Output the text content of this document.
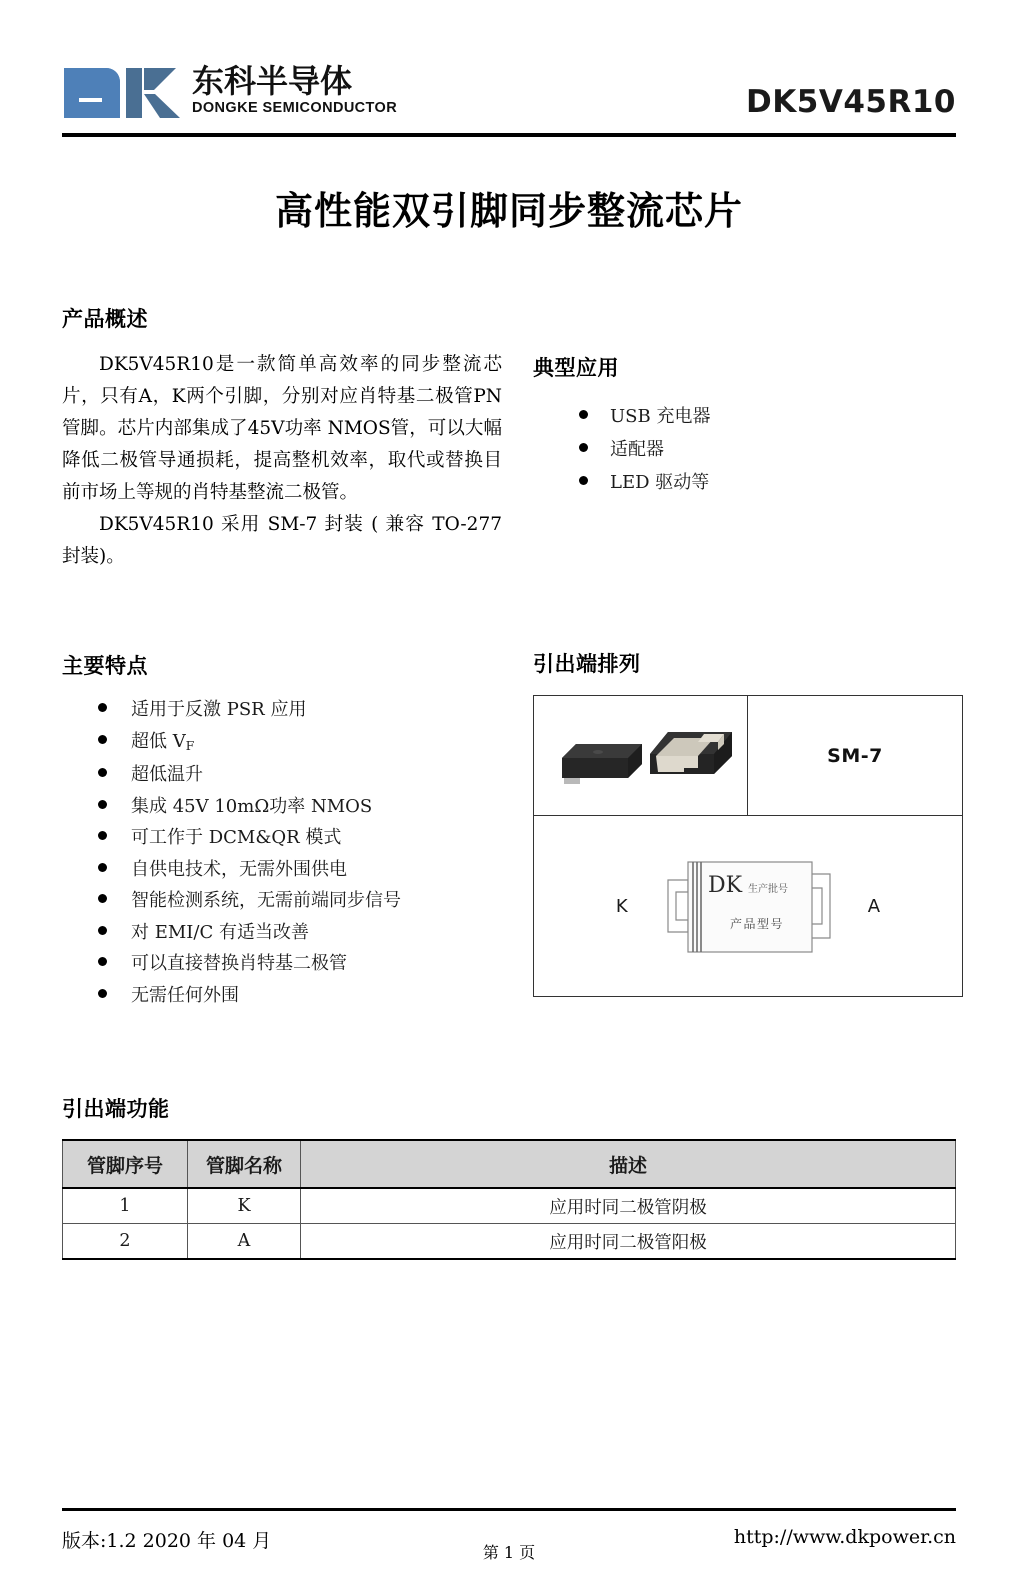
东科半导体
DONGKE SEMICONDUCTOR	DK5V45R10
高性能双引脚同步整流芯片
产品概述

DK5V45R10是一款简单高效率的同步整流芯片，只有A，K两个引脚，分别对应肖特基二极管PN管脚。芯片内部集成了45V功率 NMOS管，可以大幅降低二极管导通损耗，提高整机效率，取代或替换目前市场上等规的肖特基整流二极管。

DK5V45R10 采用 SM-7 封装 ( 兼容 TO-277 封装)。

典型应用
USB 充电器
适配器
LED 驱动等
主要特点
适用于反激 PSR 应用
超低 $V_F$
超低温升
集成 45V 10mΩ功率 NMOS
可工作于 DCM&QR 模式
自供电技术，无需外围供电
智能检测系统，无需前端同步信号
对 EMI/C 有适当改善
可以直接替换肖特基二极管
无需任何外围
引出端排列
SM-7
K
DK 生产批号
产品型号
A
引出端功能
管脚序号	管脚名称	描述
1	K	应用时同二极管阴极
2	A	应用时同二极管阳极
版本:1.2 2020 年 04 月
第 1 页
http://www.dkpower.cn
